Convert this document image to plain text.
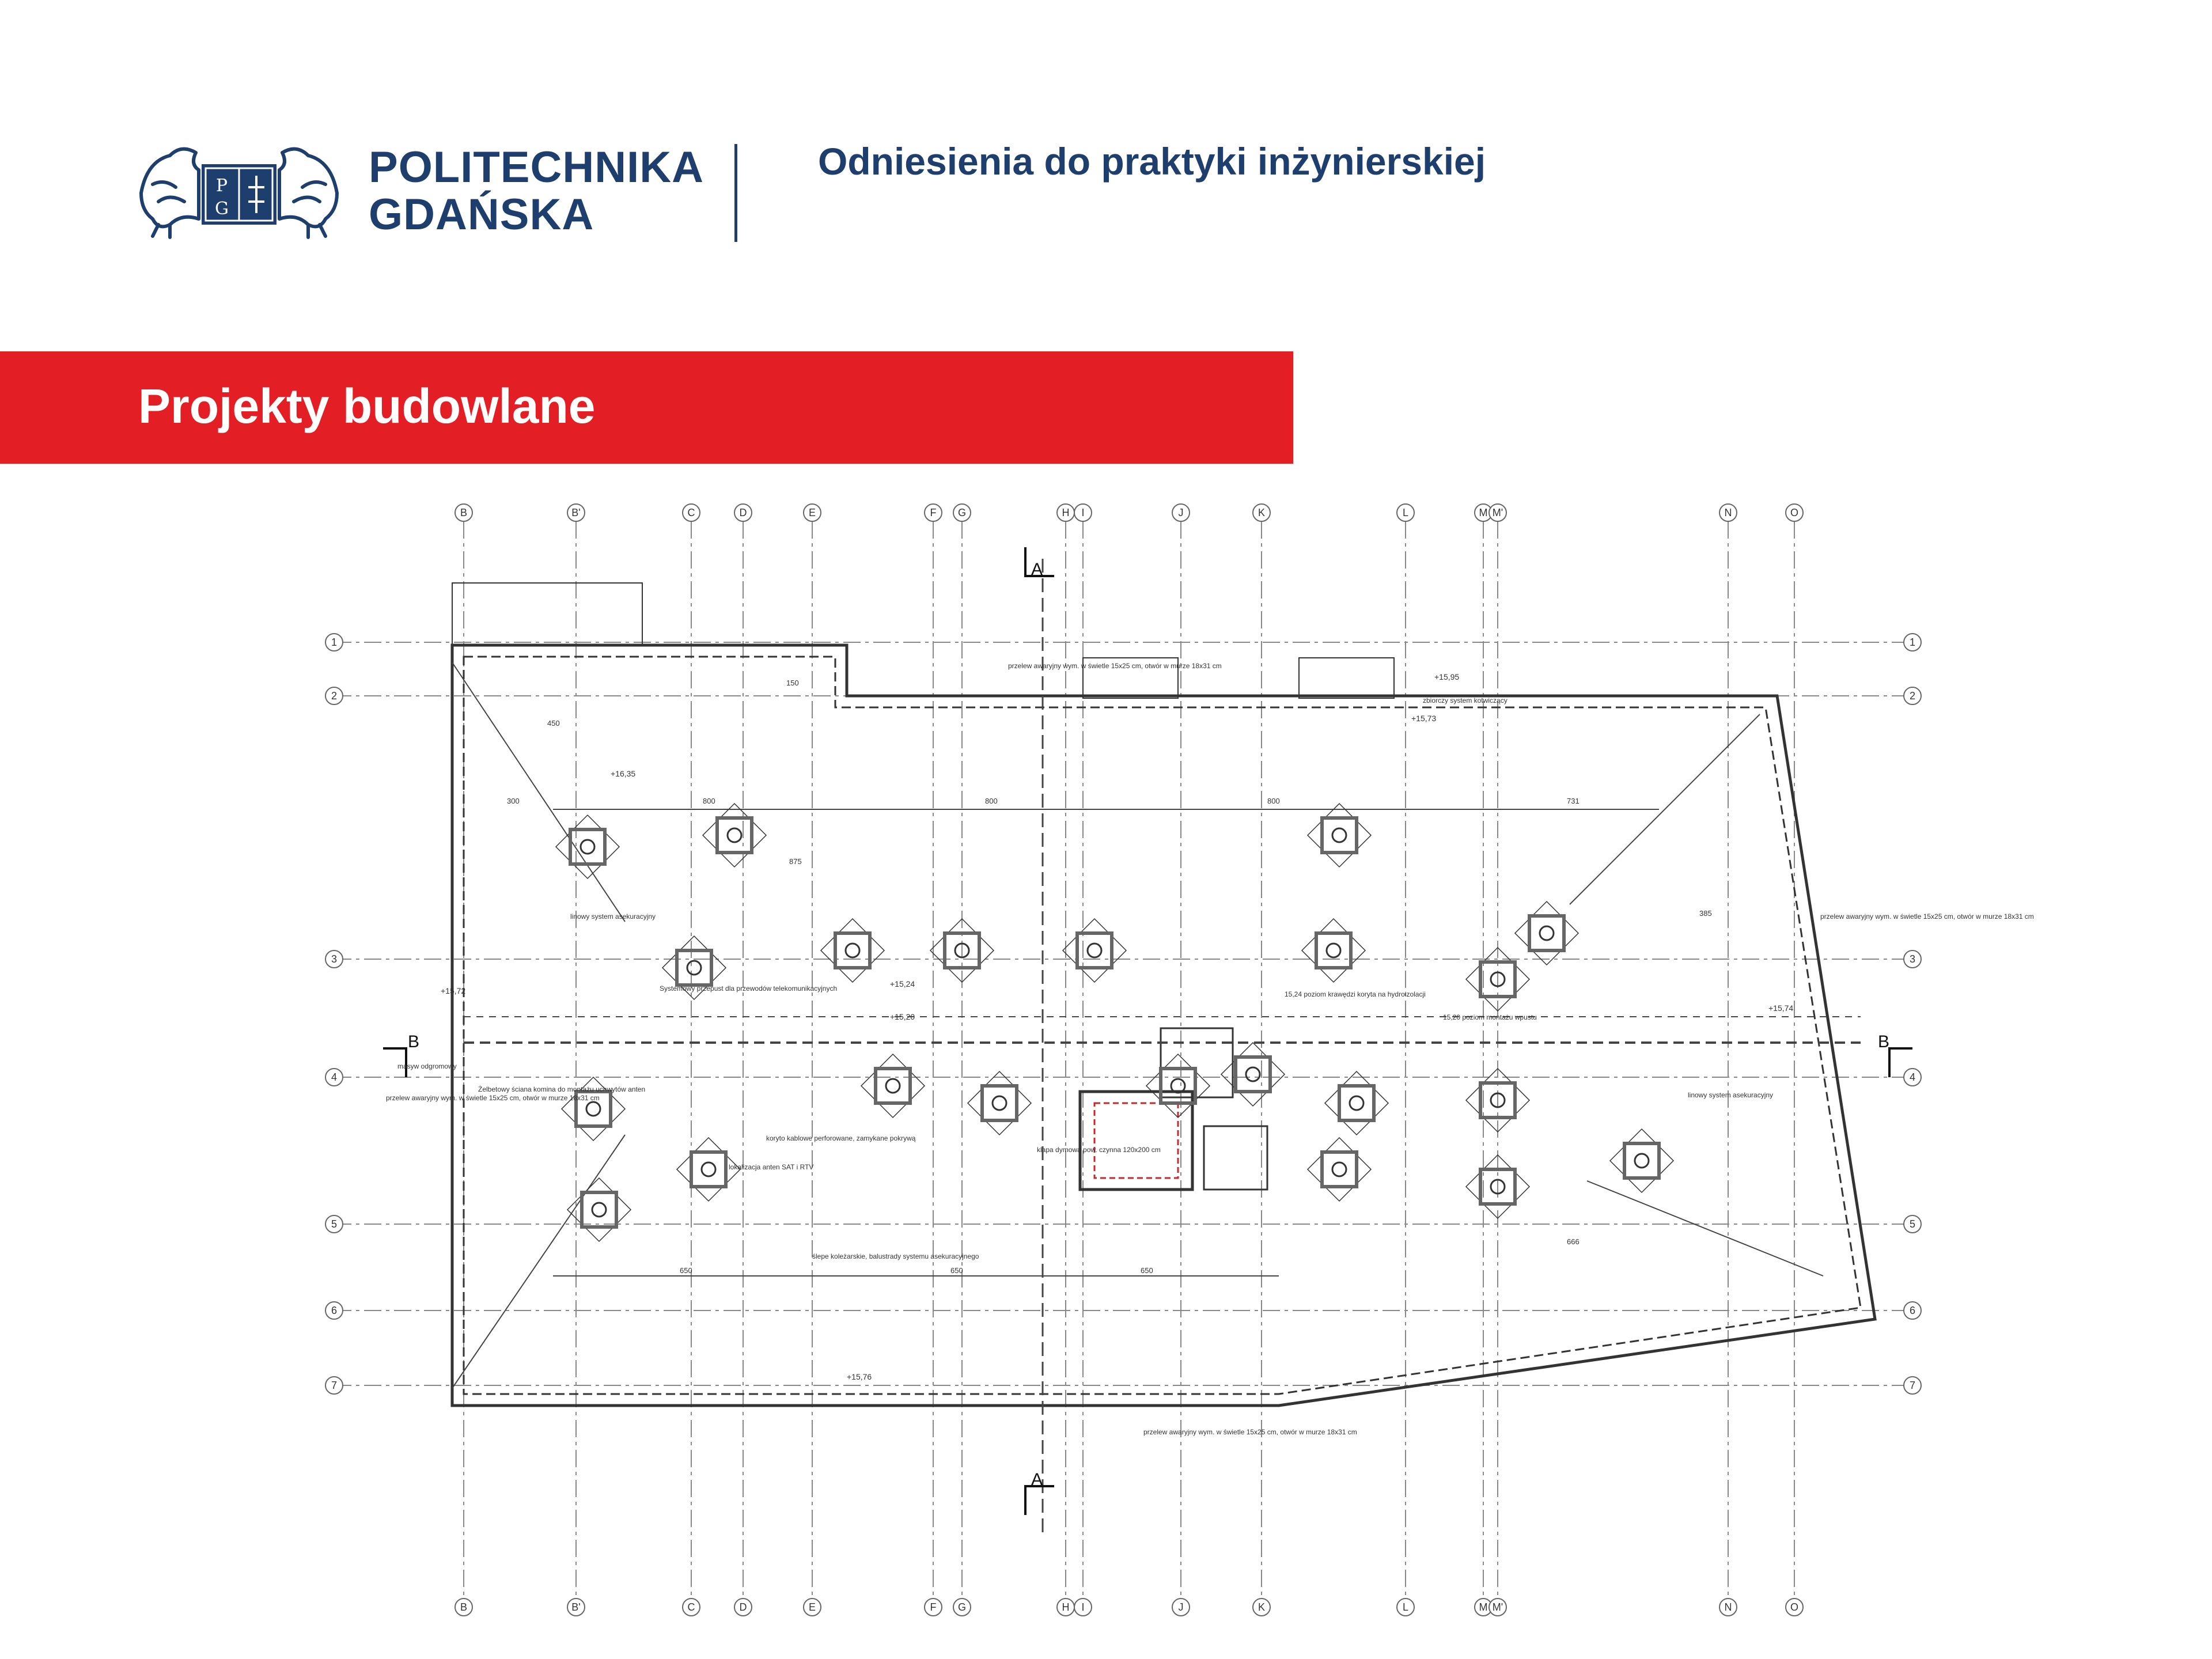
P
G
POLITECHNIKA
GDAŃSKA
Odniesienia do praktyki inżynierskiej
Projekty budowlane
B
B
B'
B'
C
C
D
D
E
E
F
F
G
G
H
H
I
I
J
J
K
K
L
L
M
M
M'
M'
N
N
O
O
1	1
2	2
3	3
4	4
5	5
6	6
7	7
A
A
B	B
+15,95
+15,73
+16,35
+15,24
+15,20
+15,72
+15,76
+15,74
300	800	800	800	731
650	650	650
666
450
150
875
385
przelew awaryjny wym. w świetle 15x25 cm, otwór w murze 18x31 cm
przelew awaryjny wym. w świetle 15x25 cm, otwór w murze 18x31 cm
przelew awaryjny wym. w świetle 15x25 cm, otwór w murze 18x31 cm
przelew awaryjny wym. w świetle 15x25 cm, otwór w murze 18x31 cm
linowy system asekuracyjny
linowy system asekuracyjny
Systemowy przepust dla przewodów telekomunikacyjnych
zbiorczy system kotwiczący
15,24 poziom krawędzi koryta na hydroizolacji
15,20 poziom montażu wpustu
masyw odgromowy
Żelbetowy ściana komina do montażu uchwytów anten
koryto kablowe perforowane, zamykane pokrywą
lokalizacja anten SAT i RTV
klapa dymowa pow. czynna 120x200 cm
ślepe koleżarskie, balustrady systemu asekuracyjnego
